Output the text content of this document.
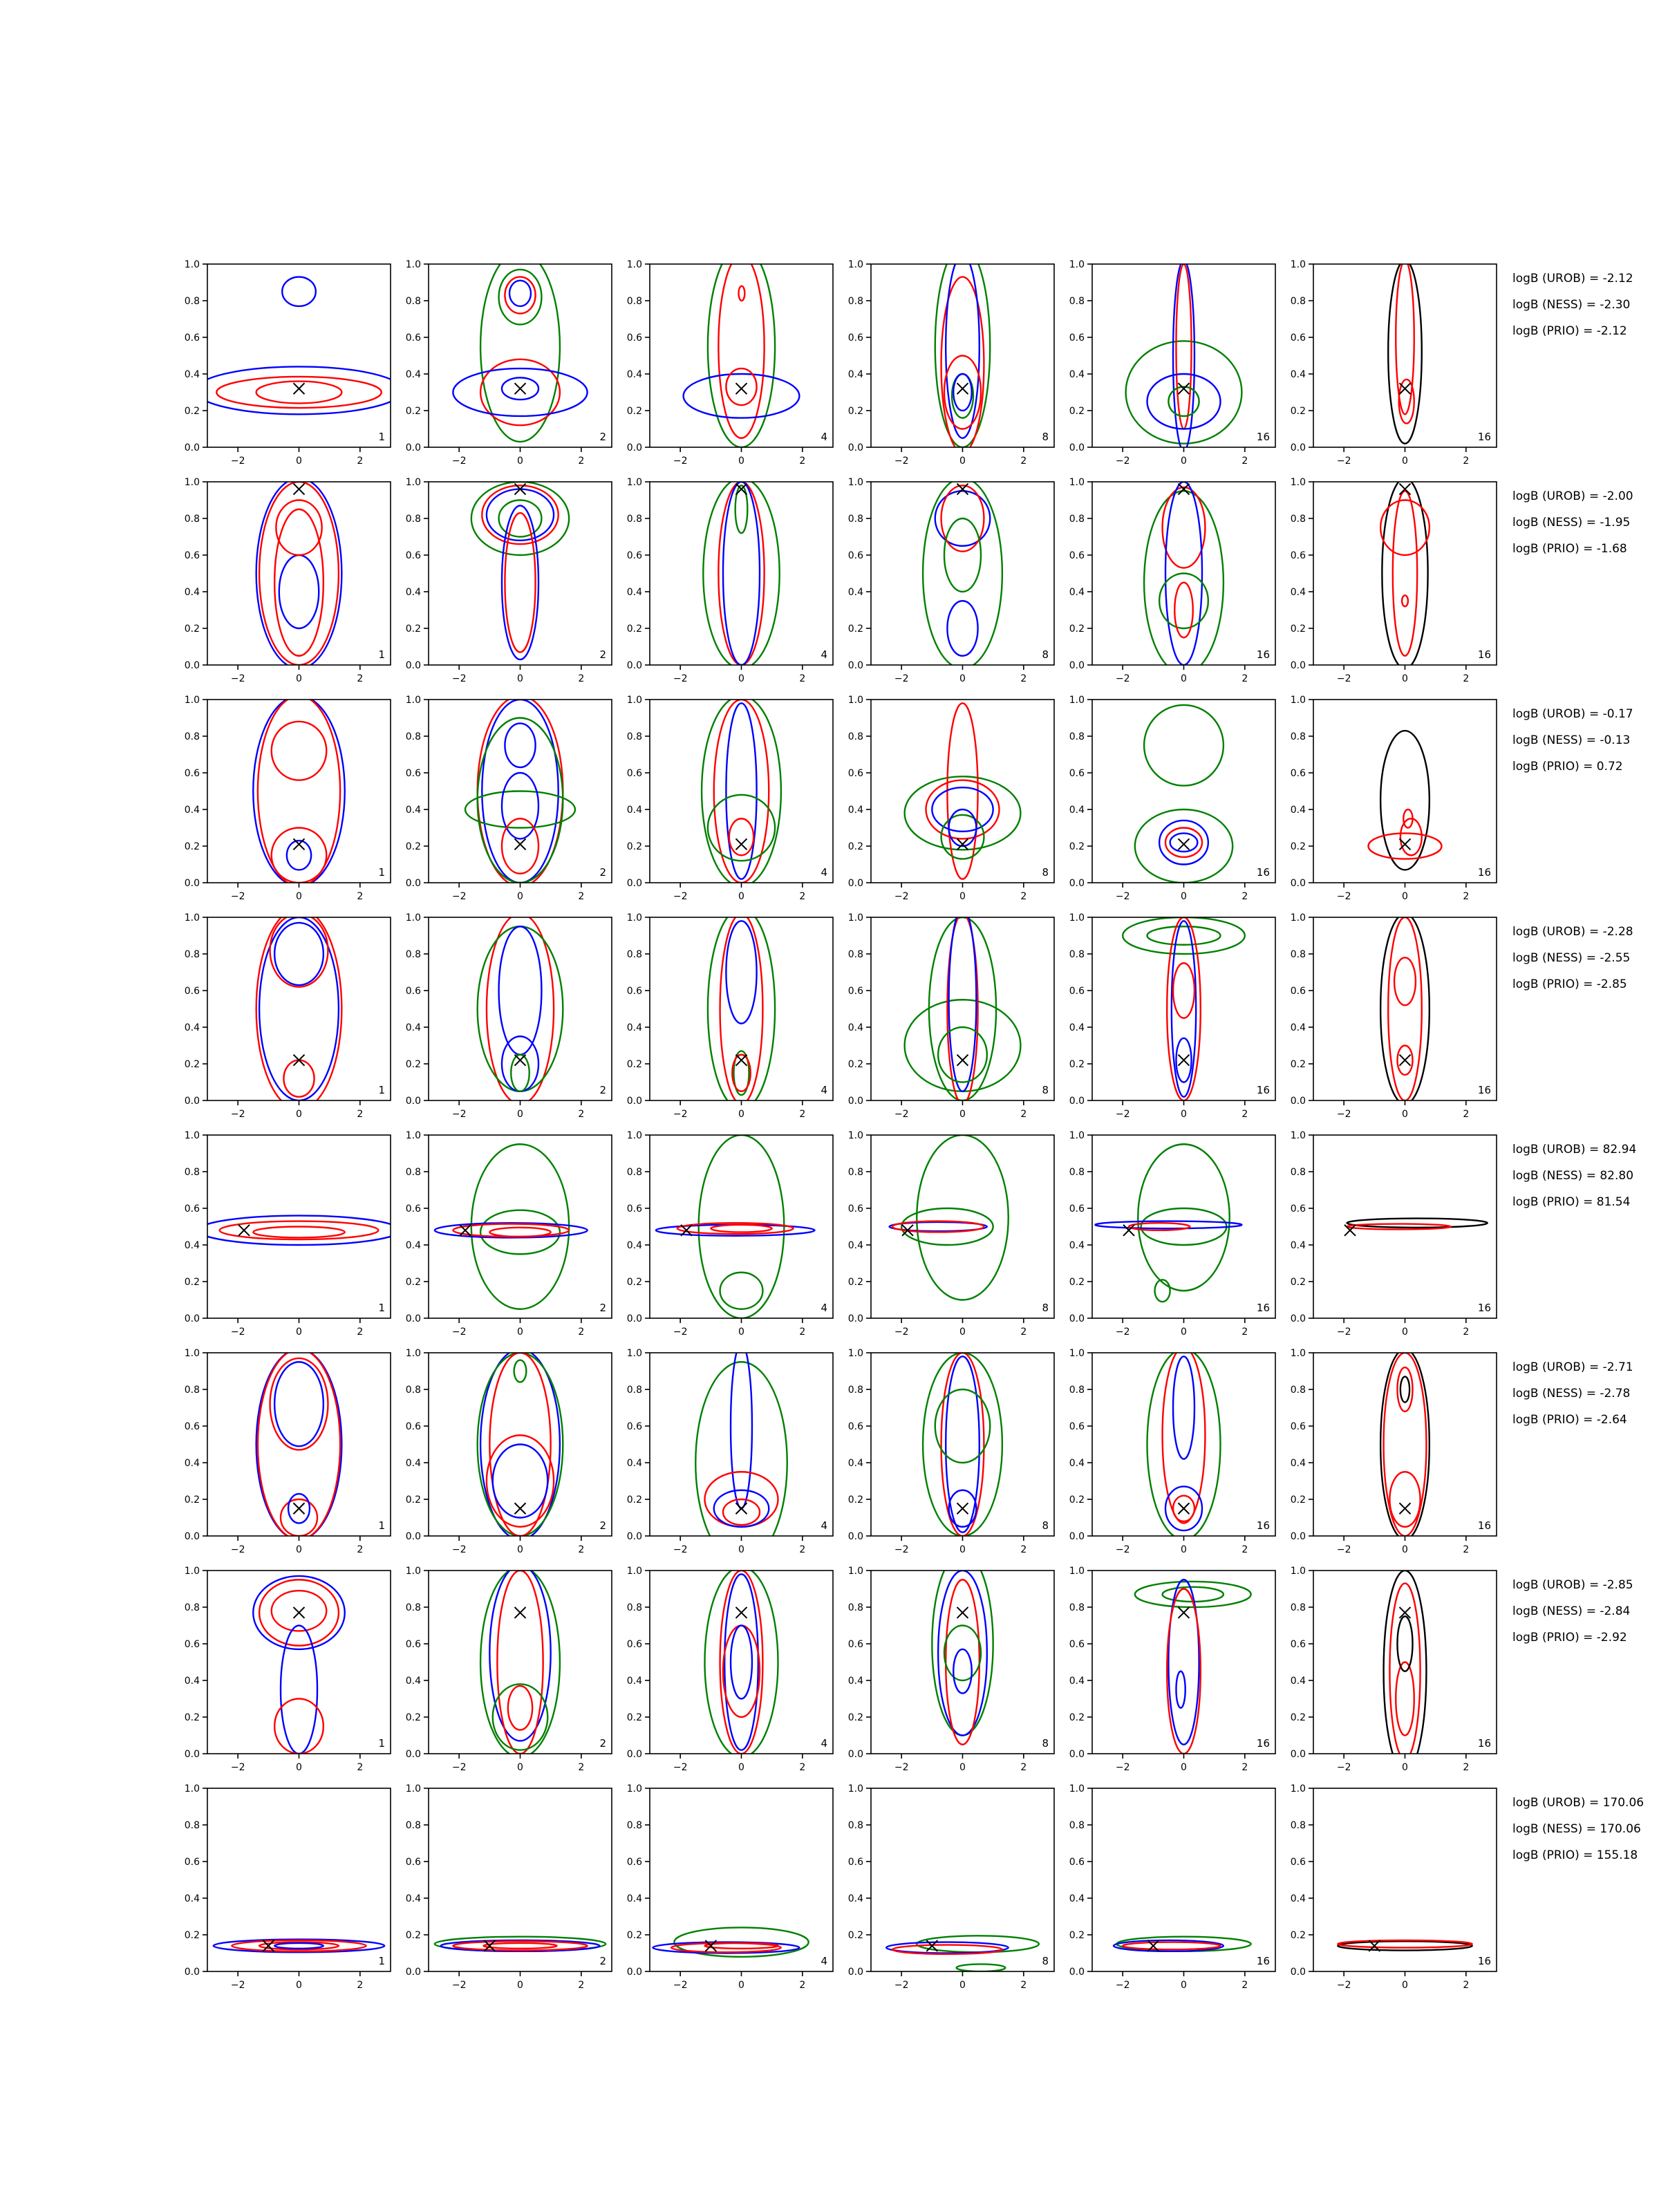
−2	0	2
0.0
0.2
0.4
0.6
0.8
1.0
1
−2	0	2
0.0
0.2
0.4
0.6
0.8
1.0
2
−2	0	2
0.0
0.2
0.4
0.6
0.8
1.0
4
−2	0	2
0.0
0.2
0.4
0.6
0.8
1.0
8
−2	0	2
0.0
0.2
0.4
0.6
0.8
1.0
16
−2	0	2
0.0
0.2
0.4
0.6
0.8
1.0
16
logB (UROB) = -2.12
logB (NESS) = -2.30
logB (PRIO) = -2.12
−2	0	2
0.0
0.2
0.4
0.6
0.8
1.0
1
−2	0	2
0.0
0.2
0.4
0.6
0.8
1.0
2
−2	0	2
0.0
0.2
0.4
0.6
0.8
1.0
4
−2	0	2
0.0
0.2
0.4
0.6
0.8
1.0
8
−2	0	2
0.0
0.2
0.4
0.6
0.8
1.0
16
−2	0	2
0.0
0.2
0.4
0.6
0.8
1.0
16
logB (UROB) = -2.00
logB (NESS) = -1.95
logB (PRIO) = -1.68
−2	0	2
0.0
0.2
0.4
0.6
0.8
1.0
1
−2	0	2
0.0
0.2
0.4
0.6
0.8
1.0
2
−2	0	2
0.0
0.2
0.4
0.6
0.8
1.0
4
−2	0	2
0.0
0.2
0.4
0.6
0.8
1.0
8
−2	0	2
0.0
0.2
0.4
0.6
0.8
1.0
16
−2	0	2
0.0
0.2
0.4
0.6
0.8
1.0
16
logB (UROB) = -0.17
logB (NESS) = -0.13
logB (PRIO) = 0.72
−2	0	2
0.0
0.2
0.4
0.6
0.8
1.0
1
−2	0	2
0.0
0.2
0.4
0.6
0.8
1.0
2
−2	0	2
0.0
0.2
0.4
0.6
0.8
1.0
4
−2	0	2
0.0
0.2
0.4
0.6
0.8
1.0
8
−2	0	2
0.0
0.2
0.4
0.6
0.8
1.0
16
−2	0	2
0.0
0.2
0.4
0.6
0.8
1.0
16
logB (UROB) = -2.28
logB (NESS) = -2.55
logB (PRIO) = -2.85
−2	0	2
0.0
0.2
0.4
0.6
0.8
1.0
1
−2	0	2
0.0
0.2
0.4
0.6
0.8
1.0
2
−2	0	2
0.0
0.2
0.4
0.6
0.8
1.0
4
−2	0	2
0.0
0.2
0.4
0.6
0.8
1.0
8
−2	0	2
0.0
0.2
0.4
0.6
0.8
1.0
16
−2	0	2
0.0
0.2
0.4
0.6
0.8
1.0
16
logB (UROB) = 82.94
logB (NESS) = 82.80
logB (PRIO) = 81.54
−2	0	2
0.0
0.2
0.4
0.6
0.8
1.0
1
−2	0	2
0.0
0.2
0.4
0.6
0.8
1.0
2
−2	0	2
0.0
0.2
0.4
0.6
0.8
1.0
4
−2	0	2
0.0
0.2
0.4
0.6
0.8
1.0
8
−2	0	2
0.0
0.2
0.4
0.6
0.8
1.0
16
−2	0	2
0.0
0.2
0.4
0.6
0.8
1.0
16
logB (UROB) = -2.71
logB (NESS) = -2.78
logB (PRIO) = -2.64
−2	0	2
0.0
0.2
0.4
0.6
0.8
1.0
1
−2	0	2
0.0
0.2
0.4
0.6
0.8
1.0
2
−2	0	2
0.0
0.2
0.4
0.6
0.8
1.0
4
−2	0	2
0.0
0.2
0.4
0.6
0.8
1.0
8
−2	0	2
0.0
0.2
0.4
0.6
0.8
1.0
16
−2	0	2
0.0
0.2
0.4
0.6
0.8
1.0
16
logB (UROB) = -2.85
logB (NESS) = -2.84
logB (PRIO) = -2.92
−2	0	2
0.0
0.2
0.4
0.6
0.8
1.0
1
−2	0	2
0.0
0.2
0.4
0.6
0.8
1.0
2
−2	0	2
0.0
0.2
0.4
0.6
0.8
1.0
4
−2	0	2
0.0
0.2
0.4
0.6
0.8
1.0
8
−2	0	2
0.0
0.2
0.4
0.6
0.8
1.0
16
−2	0	2
0.0
0.2
0.4
0.6
0.8
1.0
16
logB (UROB) = 170.06
logB (NESS) = 170.06
logB (PRIO) = 155.18
